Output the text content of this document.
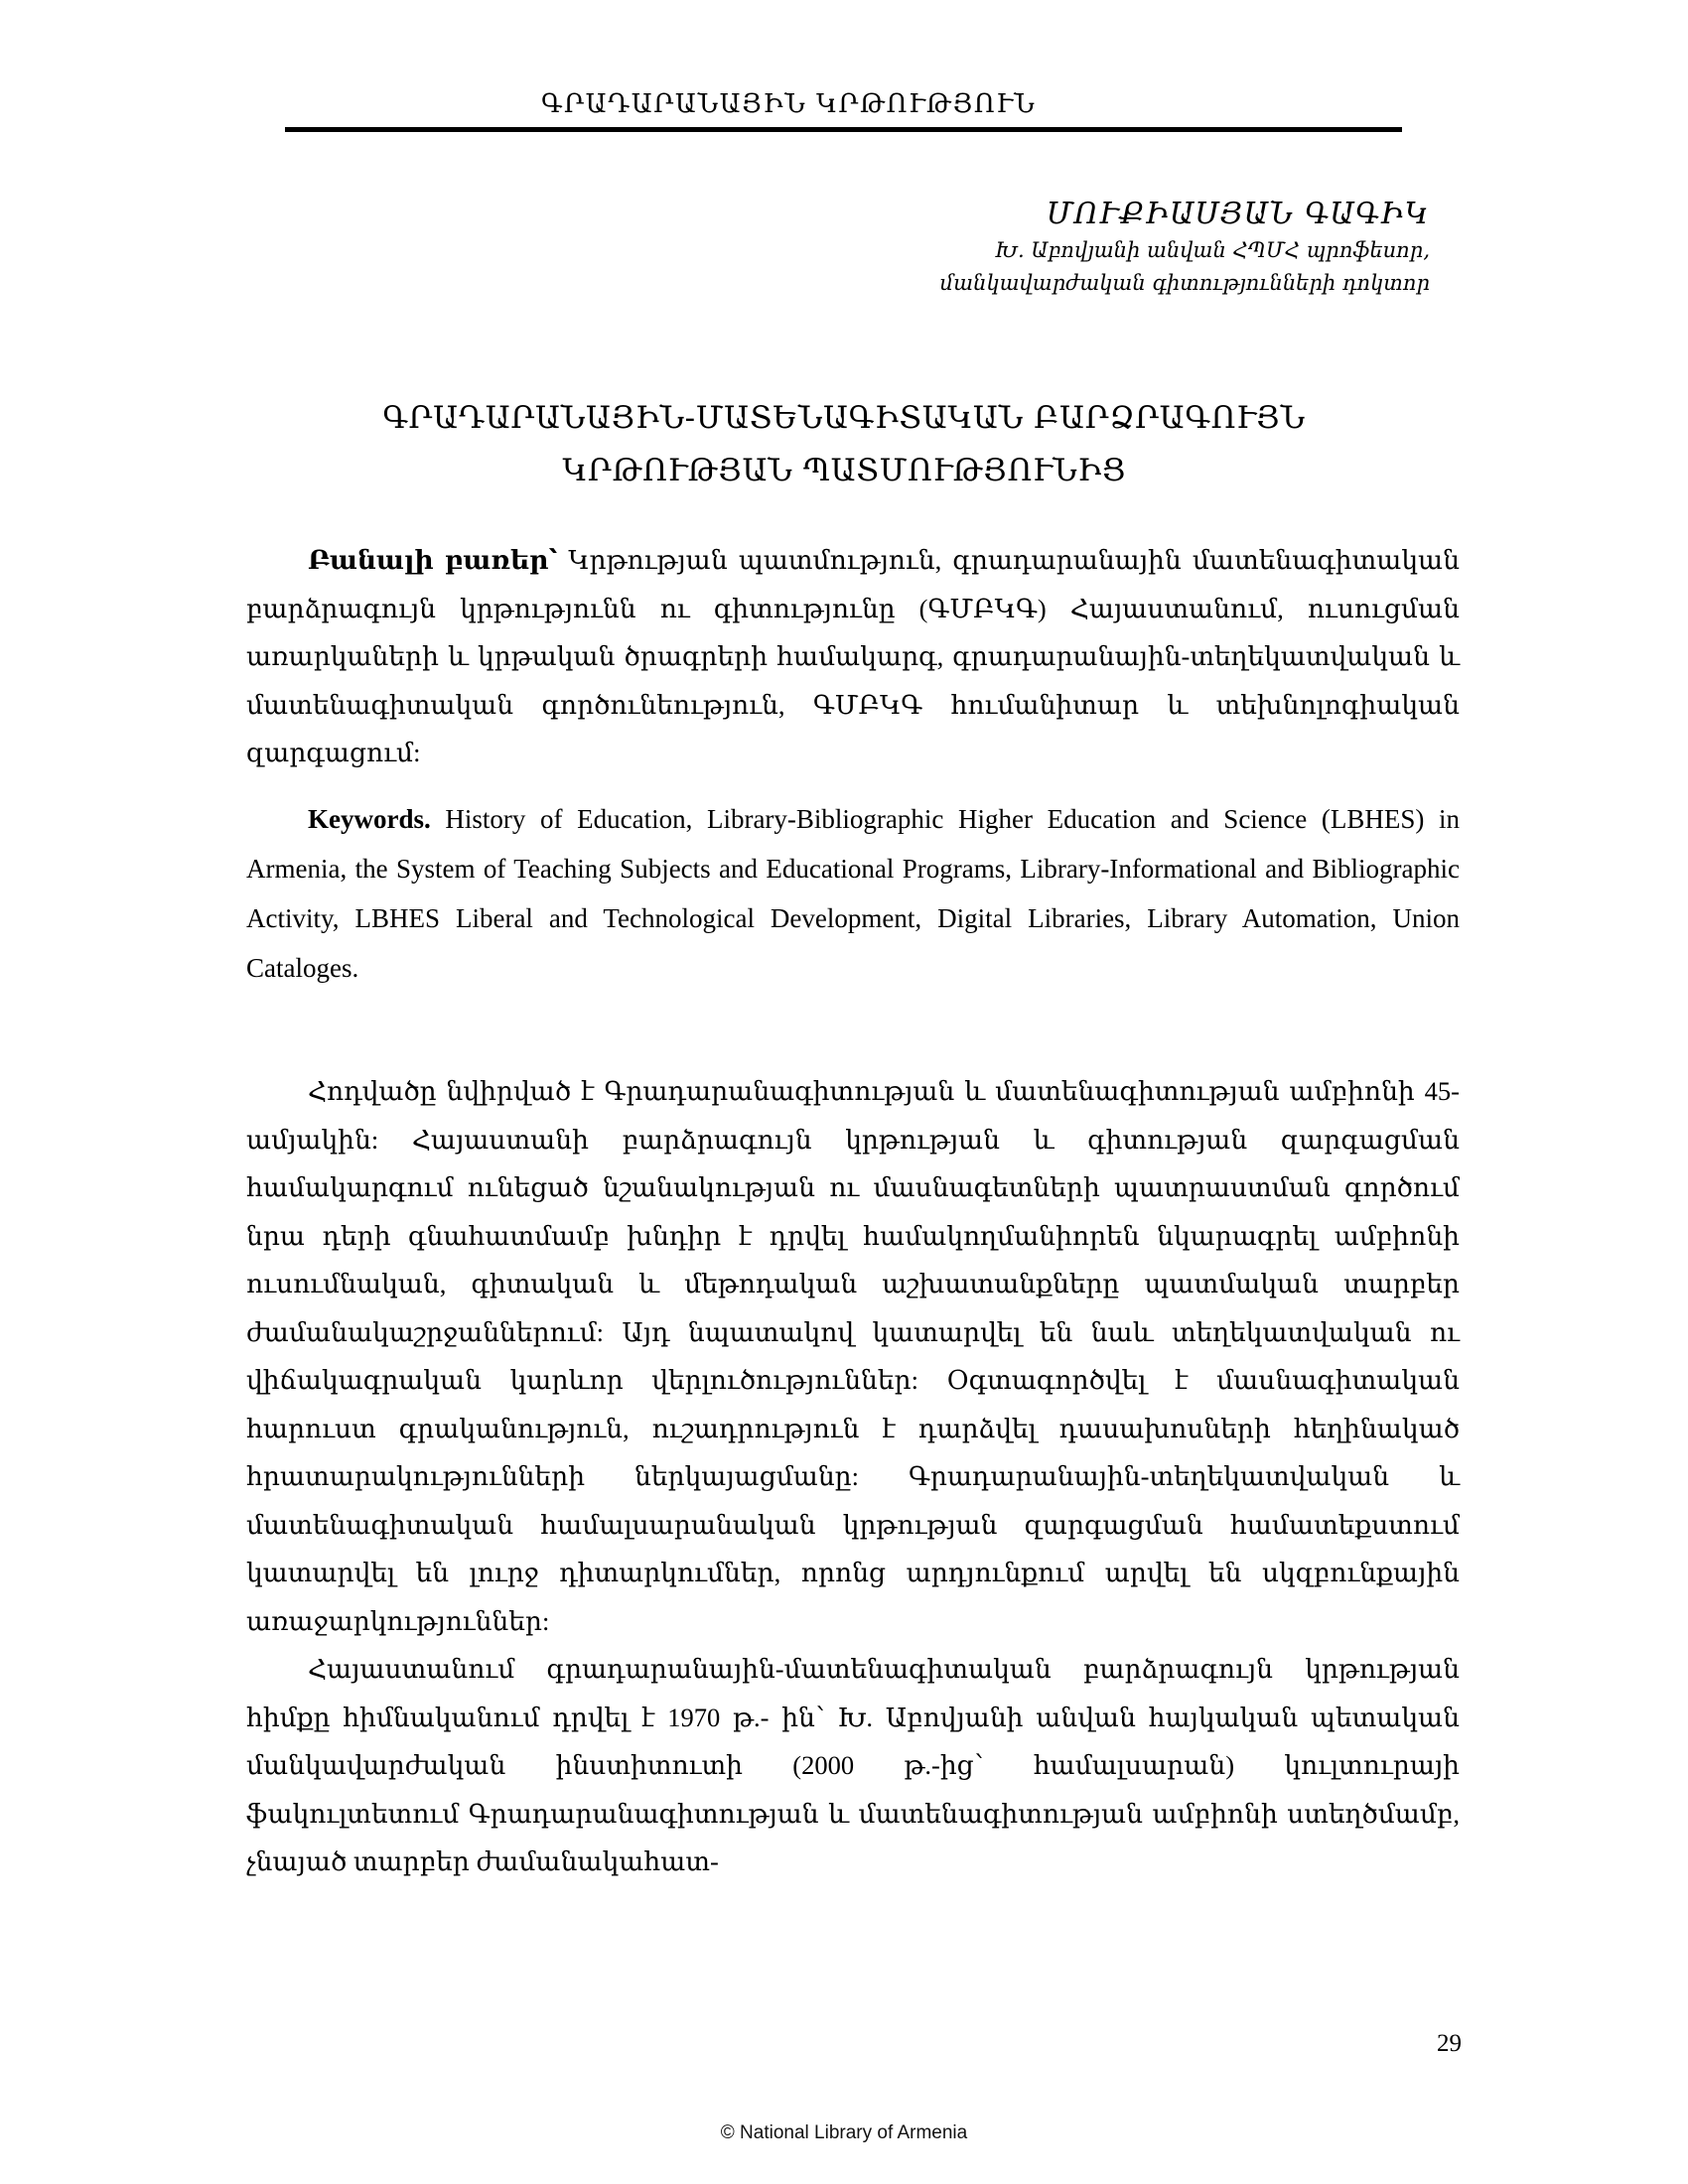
ԳՐԱԴԱՐԱՆԱՅԻՆ ԿՐԹՈՒԹՅՈՒՆ
ՄՈՒՔԻԱՍՅԱՆ ԳԱԳԻԿ
Խ. Աբովյանի անվան ՀՊՄՀ պրոֆեսոր,
մանկավարժական գիտությունների դոկտոր
ԳՐԱԴԱՐԱՆԱՅԻՆ-ՄԱՏԵՆԱԳԻՏԱԿԱՆ ԲԱՐՁՐԱԳՈՒՅՆ
ԿՐԹՈՒԹՅԱՆ ՊԱՏՄՈՒԹՅՈՒՆԻՑ

Բանալի բառեր՝ Կրթության պատմություն, գրադարանային մատենագիտական բարձրագույն կրթությունն ու գիտությունը (ԳՄԲԿԳ) Հայաստանում, ուսուցման առարկաների և կրթական ծրագրերի համակարգ, գրադարանային-տեղեկատվական և մատենագիտական գործունեություն, ԳՄԲԿԳ հումանիտար և տեխնոլոգիական զարգացում:

Keywords. History of Education, Library-Bibliographic Higher Education and Science (LBHES) in Armenia, the System of Teaching Subjects and Educational Programs, Library-Informational and Bibliographic Activity, LBHES Liberal and Technological Development, Digital Libraries, Library Automation, Union Cataloges.

Հոդվածը նվիրված է Գրադարանագիտության և մատենագիտության ամբիոնի 45-ամյակին: Հայաստանի բարձրագույն կրթության և գիտության զարգացման համակարգում ունեցած նշանակության ու մասնագետների պատրաստման գործում նրա դերի գնահատմամբ խնդիր է դրվել համակողմանիորեն նկարագրել ամբիոնի ուսումնական, գիտական և մեթոդական աշխատանքները պատմական տարբեր ժամանակաշրջաններում: Այդ նպատակով կատարվել են նաև տեղեկատվական ու վիճակագրական կարևոր վերլուծություններ: Օգտագործվել է մասնագիտական հարուստ գրականություն, ուշադրություն է դարձվել դասախոսների հեղինակած հրատարակությունների ներկայացմանը: Գրադարանային-տեղեկատվական և մատենագիտական համալսարանական կրթության զարգացման համատեքստում կատարվել են լուրջ դիտարկումներ, որոնց արդյունքում արվել են սկզբունքային առաջարկություններ:

Հայաստանում գրադարանային-մատենագիտական բարձրագույն կրթության հիմքը հիմնականում դրվել է 1970 թ.- ին՝ Խ. Աբովյանի անվան հայկական պետական մանկավարժական ինստիտուտի (2000 թ.-ից՝ համալսարան) կուլտուրայի ֆակուլտետում Գրադարանագիտության և մատենագիտության ամբիոնի ստեղծմամբ, չնայած տարբեր ժամանակահատ-

29
© National Library of Armenia
